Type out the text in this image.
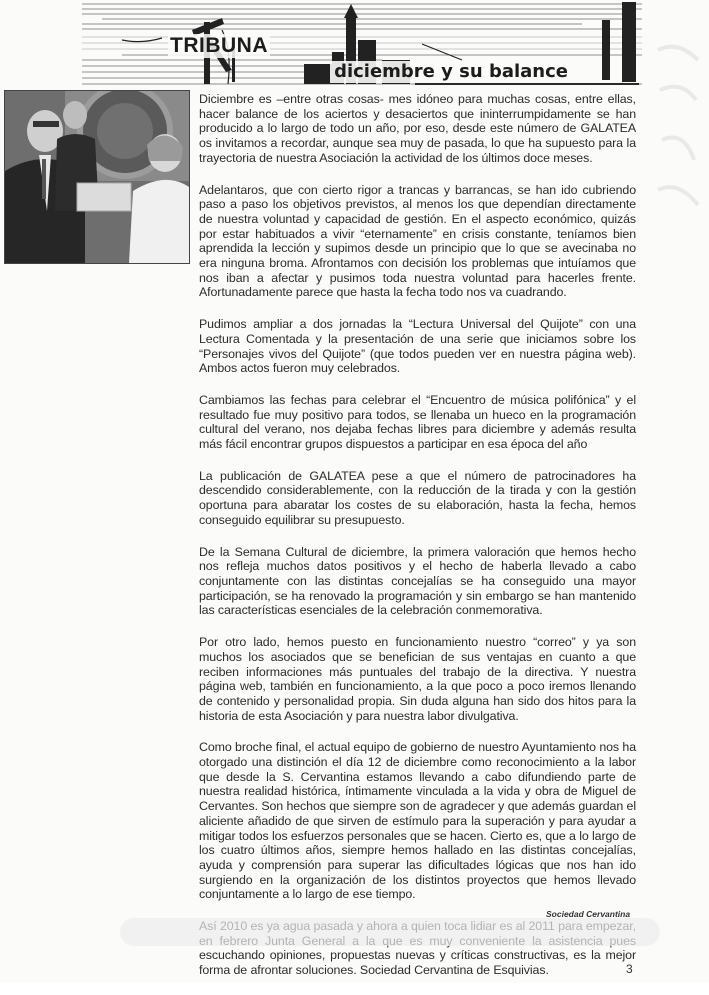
TRIBUNA
diciembre y su balance

Diciembre es –entre otras cosas- mes idóneo para muchas cosas, entre ellas, hacer balance de los aciertos y desaciertos que ininterrumpidamente se han producido a lo largo de todo un año, por eso, desde este número de GALATEA os invitamos a recordar, aunque sea muy de pasada, lo que ha supuesto para la trayectoria de nuestra Asociación la actividad de los últimos doce meses.

Adelantaros, que con cierto rigor a trancas y barrancas, se han ido cubriendo paso a paso los objetivos previstos, al menos los que dependían directamente de nuestra voluntad y capacidad de gestión. En el aspecto económico, quizás por estar habituados a vivir “eternamente” en crisis constante, teníamos bien aprendida la lección y supimos desde un principio que lo que se avecinaba no era ninguna broma. Afrontamos con decisión los problemas que intuíamos que nos iban a afectar y pusimos toda nuestra voluntad para hacerles frente. Afortunadamente parece que hasta la fecha todo nos va cuadrando.

Pudimos ampliar a dos jornadas la “Lectura Universal del Quijote” con una Lectura Comentada y la presentación de una serie que iniciamos sobre los “Personajes vivos del Quijote” (que todos pueden ver en nuestra página web). Ambos actos fueron muy celebrados.

Cambiamos las fechas para celebrar el “Encuentro de música polifónica” y el resultado fue muy positivo para todos, se llenaba un hueco en la programación cultural del verano, nos dejaba fechas libres para diciembre y además resulta más fácil encontrar grupos dispuestos a participar en esa época del año

La publicación de GALATEA pese a que el número de patrocinadores ha descendido considerablemente, con la reducción de la tirada y con la gestión oportuna para abaratar los costes de su elaboración, hasta la fecha, hemos conseguido equilibrar su presupuesto.

De la Semana Cultural de diciembre, la primera valoración que hemos hecho nos refleja muchos datos positivos y el hecho de haberla llevado a cabo conjuntamente con las distintas concejalías se ha conseguido una mayor participación, se ha renovado la programación y sin embargo se han mantenido las características esenciales de la celebración conmemorativa.

Por otro lado, hemos puesto en funcionamiento nuestro “correo” y ya son muchos los asociados que se benefician de sus ventajas en cuanto a que reciben informaciones más puntuales del trabajo de la directiva. Y nuestra página web, también en funcionamiento, a la que poco a poco iremos llenando de contenido y personalidad propia. Sin duda alguna han sido dos hitos para la historia de esta Asociación y para nuestra labor divulgativa.

Como broche final, el actual equipo de gobierno de nuestro Ayuntamiento nos ha otorgado una distinción el día 12 de diciembre como reconocimiento a la labor que desde la S. Cervantina estamos llevando a cabo difundiendo parte de nuestra realidad histórica, íntimamente vinculada a la vida y obra de Miguel de Cervantes. Son hechos que siempre son de agradecer y que además guardan el aliciente añadido de que sirven de estímulo para la superación y para ayudar a mitigar todos los esfuerzos personales que se hacen. Cierto es, que a lo largo de los cuatro últimos años, siempre hemos hallado en las distintas concejalías, ayuda y comprensión para superar las dificultades lógicas que nos han ido surgiendo en la organización de los distintos proyectos que hemos llevado conjuntamente a lo largo de ese tiempo.

escuchando opiniones, propuestas nuevas y críticas constructivas, es la mejor forma de afrontar soluciones. Sociedad Cervantina de Esquivias.

Sociedad Cervantina
3
